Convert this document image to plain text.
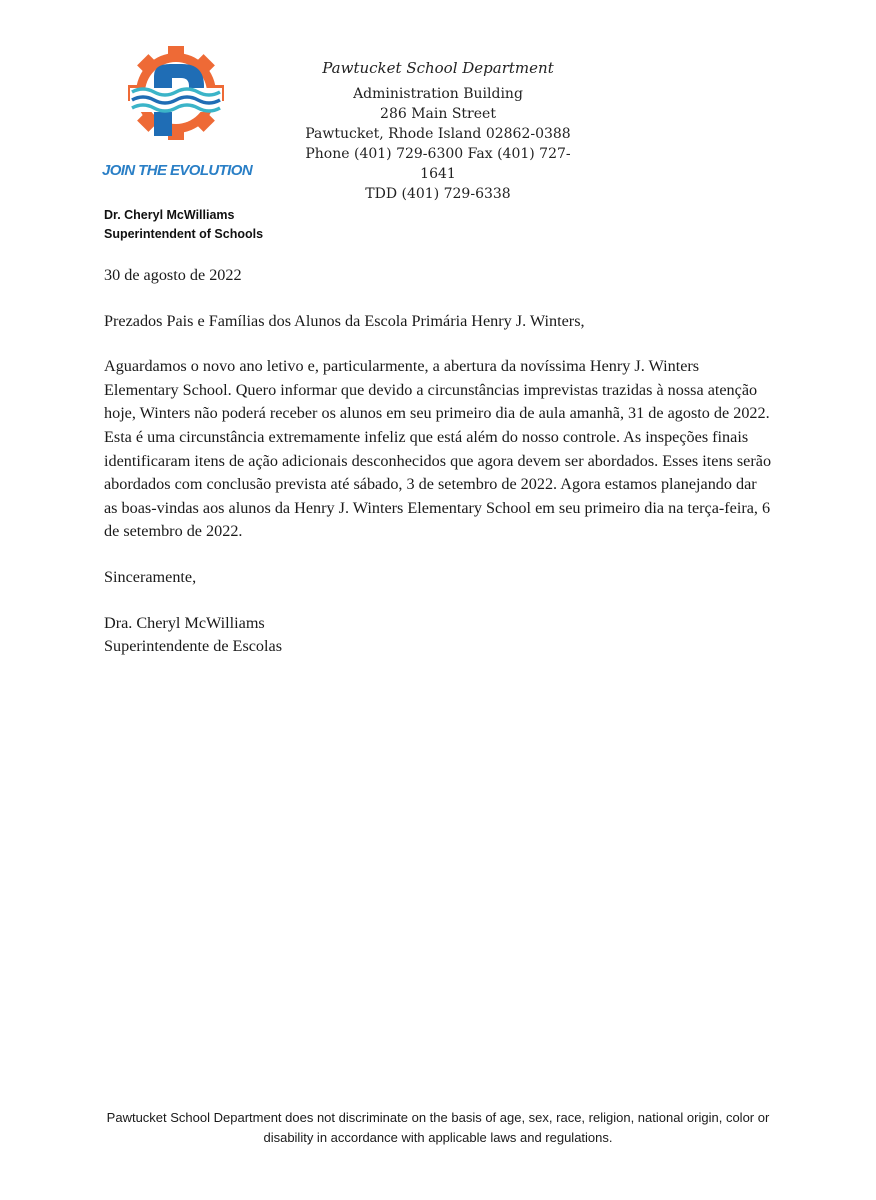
JOIN THE EVOLUTION
Pawtucket School Department
Administration Building
286 Main Street
Pawtucket, Rhode Island 02862-0388
Phone (401) 729-6300 Fax (401) 727-1641
TDD (401) 729-6338
Dr. Cheryl McWilliams
Superintendent of Schools

30 de agosto de 2022

Prezados Pais e Famílias dos Alunos da Escola Primária Henry J. Winters,

Aguardamos o novo ano letivo e, particularmente, a abertura da novíssima Henry J. Winters Elementary School. Quero informar que devido a circunstâncias imprevistas trazidas à nossa atenção hoje, Winters não poderá receber os alunos em seu primeiro dia de aula amanhã, 31 de agosto de 2022. Esta é uma circunstância extremamente infeliz que está além do nosso controle. As inspeções finais identificaram itens de ação adicionais desconhecidos que agora devem ser abordados. Esses itens serão abordados com conclusão prevista até sábado, 3 de setembro de 2022. Agora estamos planejando dar as boas-vindas aos alunos da Henry J. Winters Elementary School em seu primeiro dia na terça-feira, 6 de setembro de 2022.

Sinceramente,

Dra. Cheryl McWilliams

Superintendente de Escolas

Pawtucket School Department does not discriminate on the basis of age, sex, race, religion, national origin, color or
disability in accordance with applicable laws and regulations.
